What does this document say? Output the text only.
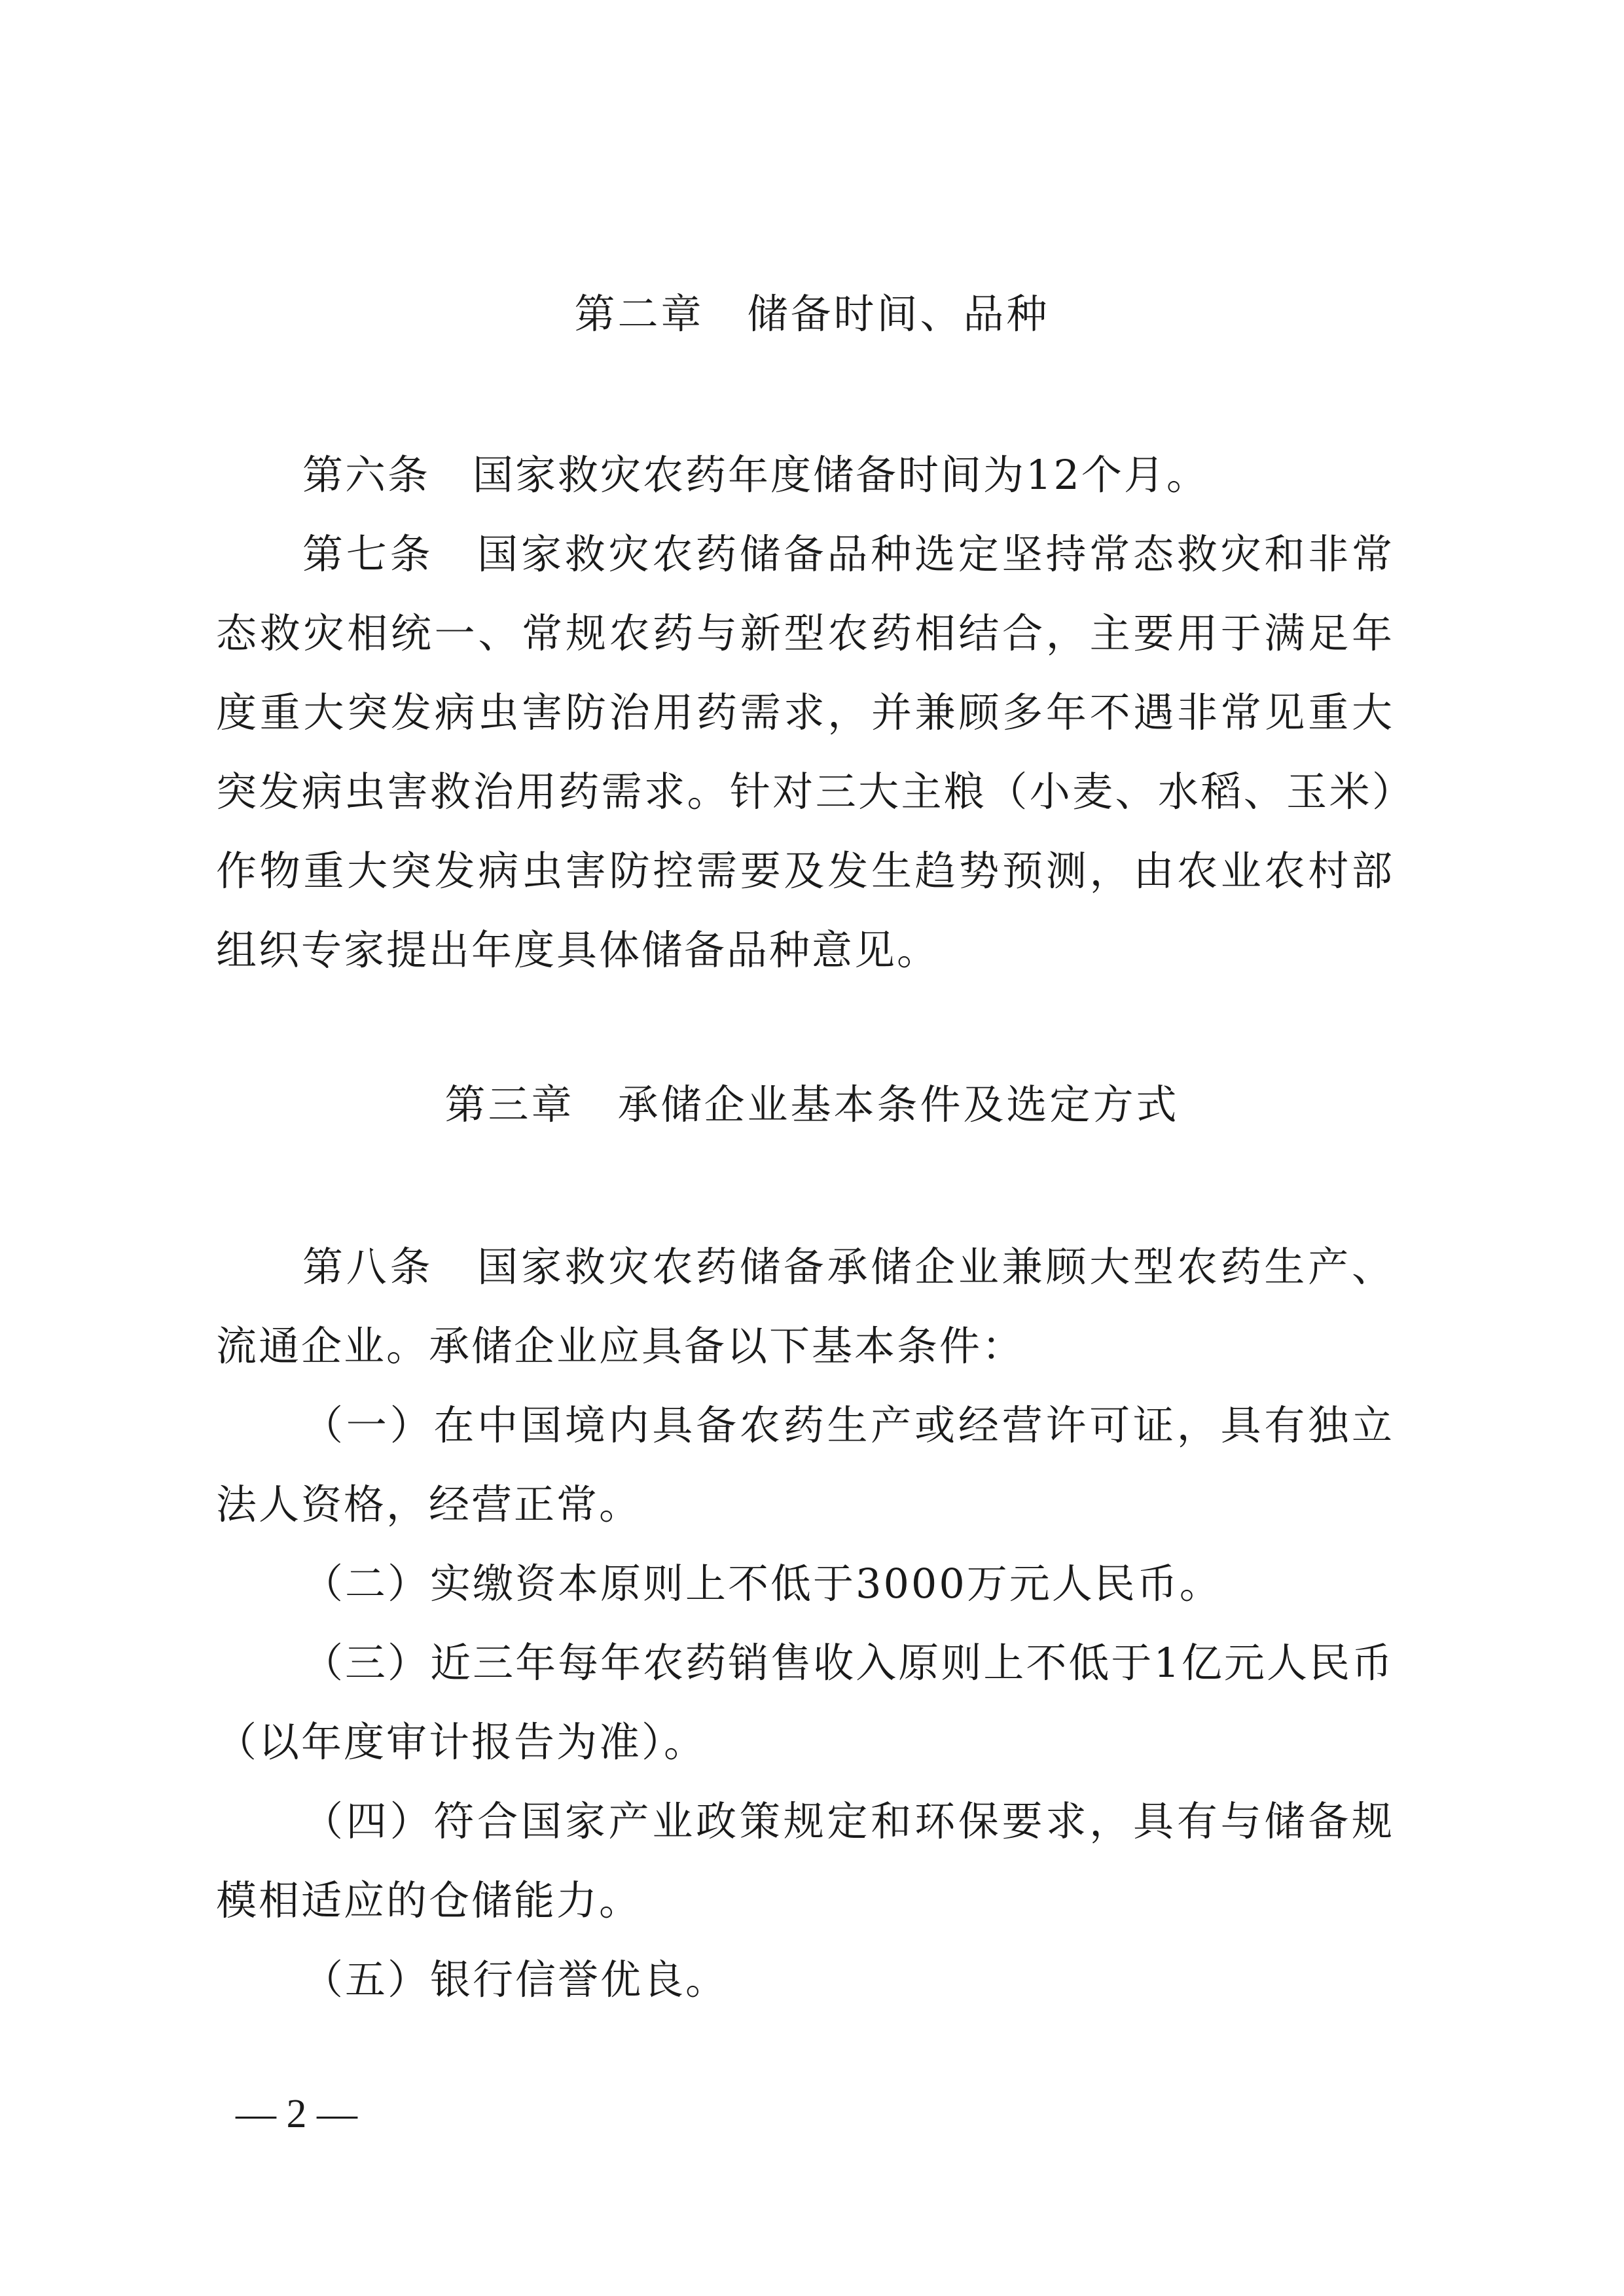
第二章　储备时间、品种

第六条　国家救灾农药年度储备时间为12个月。

第七条　国家救灾农药储备品种选定坚持常态救灾和非常态救灾相统一、常规农药与新型农药相结合，主要用于满足年度重大突发病虫害防治用药需求，并兼顾多年不遇非常见重大突发病虫害救治用药需求。针对三大主粮（小麦、水稻、玉米）作物重大突发病虫害防控需要及发生趋势预测，由农业农村部组织专家提出年度具体储备品种意见。

第三章　承储企业基本条件及选定方式

第八条　国家救灾农药储备承储企业兼顾大型农药生产、流通企业。承储企业应具备以下基本条件：

（一）在中国境内具备农药生产或经营许可证，具有独立法人资格，经营正常。

（二）实缴资本原则上不低于3000万元人民币。

（三）近三年每年农药销售收入原则上不低于1亿元人民币（以年度审计报告为准）。

（四）符合国家产业政策规定和环保要求，具有与储备规模相适应的仓储能力。

（五）银行信誉优良。

— 2 —
